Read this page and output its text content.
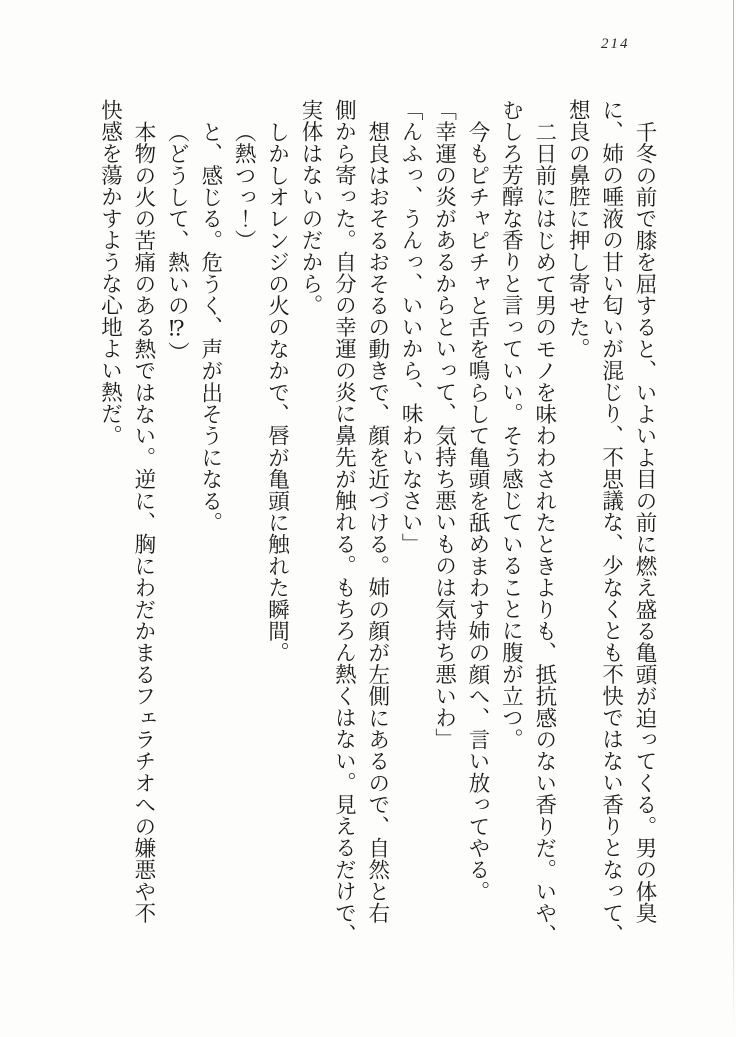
214

千冬の前で膝を屈すると、いよいよ目の前に燃え盛る亀頭が迫ってくる。男の体臭

に、姉の唾液の甘い匂いが混じり、不思議な、少なくとも不快ではない香りとなって、

想良の鼻腔に押し寄せた。

二日前にはじめて男のモノを味わわされたときよりも、抵抗感のない香りだ。いや、

むしろ芳醇な香りと言っていい。そう感じていることに腹が立つ。

今もピチャピチャと舌を鳴らして亀頭を舐めまわす姉の顔へ、言い放ってやる。

「幸運の炎があるからといって、気持ち悪いものは気持ち悪いわ」

「んふっ、うんっ、いいから、味わいなさい」

想良はおそるおそるの動きで、顔を近づける。姉の顔が左側にあるので、自然と右

側から寄った。自分の幸運の炎に鼻先が触れる。もちろん熱くはない。見えるだけで、

実体はないのだから。

しかしオレンジの火のなかで、唇が亀頭に触れた瞬間。

（熱つっ！）

と、感じる。危うく、声が出そうになる。

（どうして、熱いの⁉）

本物の火の苦痛のある熱ではない。逆に、胸にわだかまるフェラチオへの嫌悪や不

快感を蕩かすような心地よい熱だ。
